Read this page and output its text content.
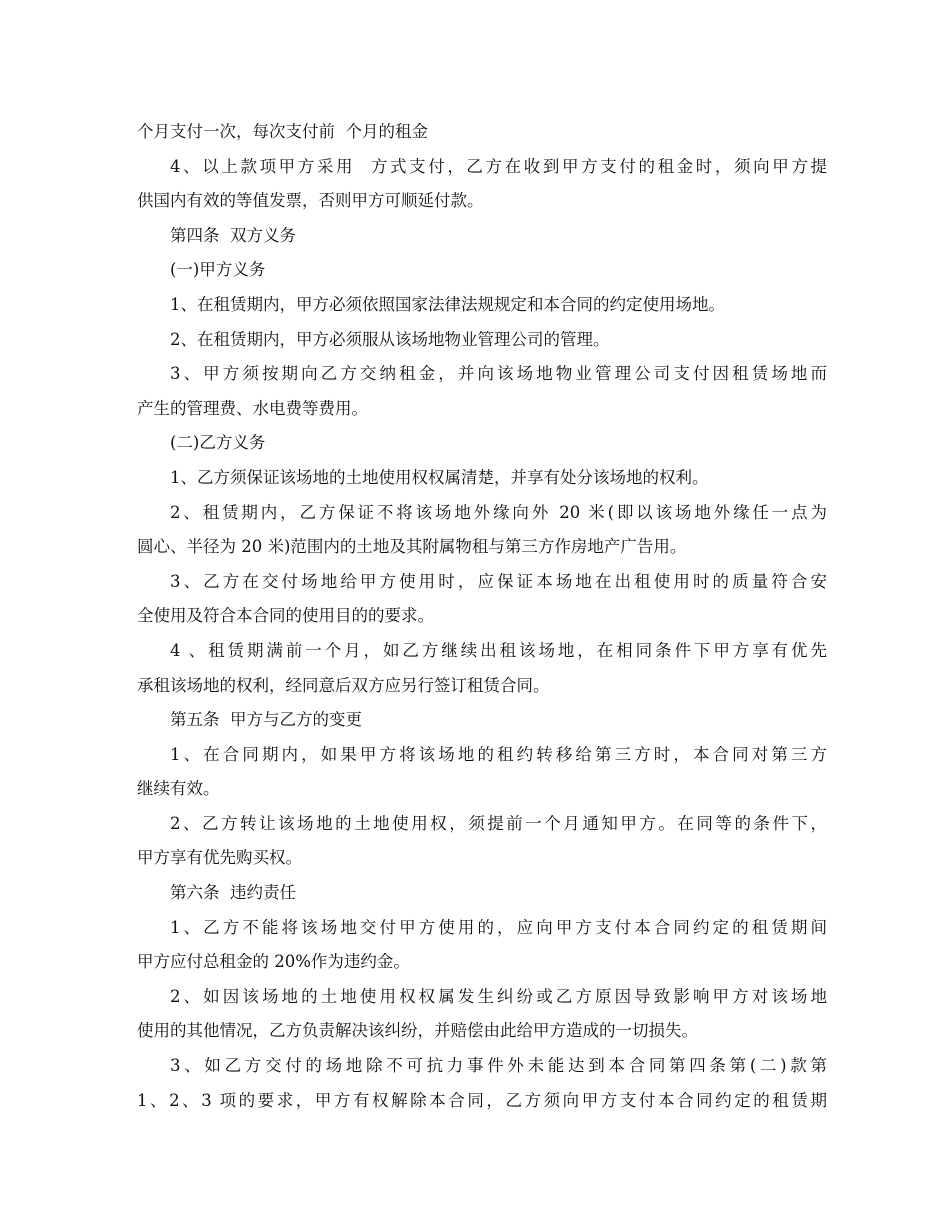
个月支付一次，每次支付前  个月的租金
4、以上款项甲方采用  方式支付，乙方在收到甲方支付的租金时，须向甲方提
供国内有效的等值发票，否则甲方可顺延付款。
第四条  双方义务
(一)甲方义务
1、在租赁期内，甲方必须依照国家法律法规规定和本合同的约定使用场地。
2、在租赁期内，甲方必须服从该场地物业管理公司的管理。
3、甲方须按期向乙方交纳租金，并向该场地物业管理公司支付因租赁场地而
产生的管理费、水电费等费用。
(二)乙方义务
1、乙方须保证该场地的土地使用权权属清楚，并享有处分该场地的权利。
2、租赁期内，乙方保证不将该场地外缘向外 20 米(即以该场地外缘任一点为
圆心、半径为 20 米)范围内的土地及其附属物租与第三方作房地产广告用。
3、乙方在交付场地给甲方使用时，应保证本场地在出租使用时的质量符合安
全使用及符合本合同的使用目的的要求。
4 、租赁期满前一个月，如乙方继续出租该场地，在相同条件下甲方享有优先
承租该场地的权利，经同意后双方应另行签订租赁合同。
第五条  甲方与乙方的变更
1、在合同期内，如果甲方将该场地的租约转移给第三方时，本合同对第三方
继续有效。
2、乙方转让该场地的土地使用权，须提前一个月通知甲方。在同等的条件下，
甲方享有优先购买权。
第六条  违约责任
1、乙方不能将该场地交付甲方使用的，应向甲方支付本合同约定的租赁期间
甲方应付总租金的 20%作为违约金。
2、如因该场地的土地使用权权属发生纠纷或乙方原因导致影响甲方对该场地
使用的其他情况，乙方负责解决该纠纷，并赔偿由此给甲方造成的一切损失。
3、如乙方交付的场地除不可抗力事件外未能达到本合同第四条第(二)款第
1、2、3 项的要求，甲方有权解除本合同，乙方须向甲方支付本合同约定的租赁期
